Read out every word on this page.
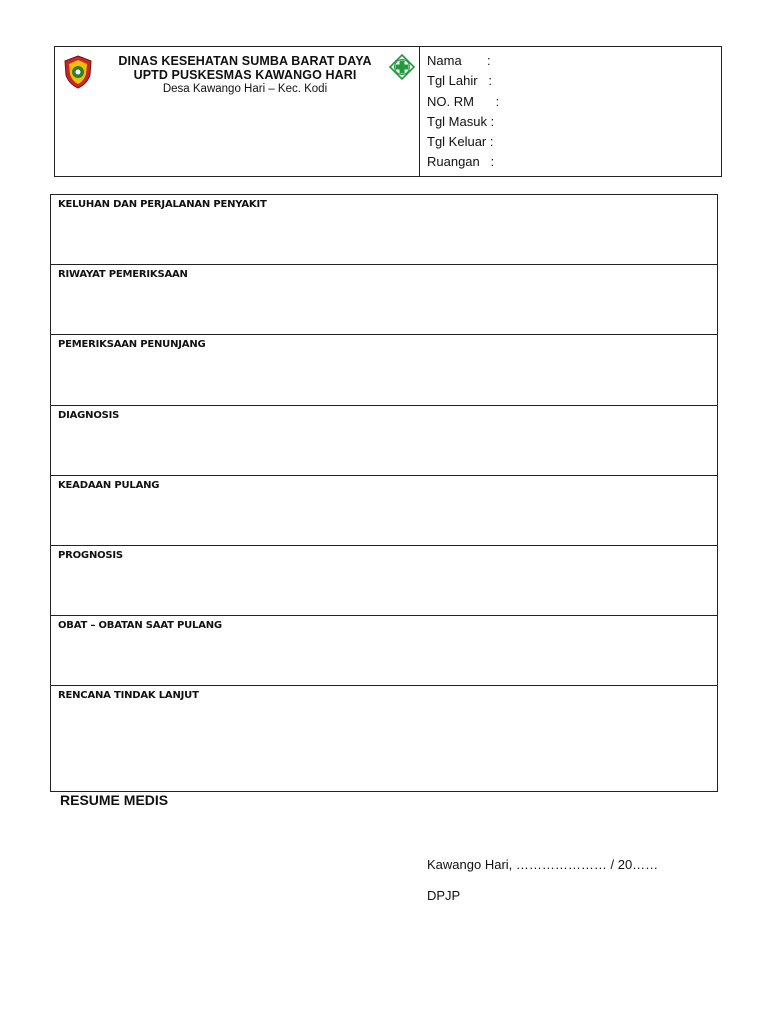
DINAS KESEHATAN SUMBA BARAT DAYA
UPTD PUSKESMAS KAWANGO HARI
Desa Kawango Hari – Kec. Kodi
Nama       :
Tgl Lahir   :
NO. RM      :
Tgl Masuk :
Tgl Keluar :
Ruangan   :
KELUHAN DAN PERJALANAN PENYAKIT
RIWAYAT PEMERIKSAAN
PEMERIKSAAN PENUNJANG
DIAGNOSIS
KEADAAN PULANG
PROGNOSIS
OBAT – OBATAN SAAT PULANG
RENCANA TINDAK LANJUT
RESUME MEDIS
Kawango Hari, ………………… / 20……
DPJP
